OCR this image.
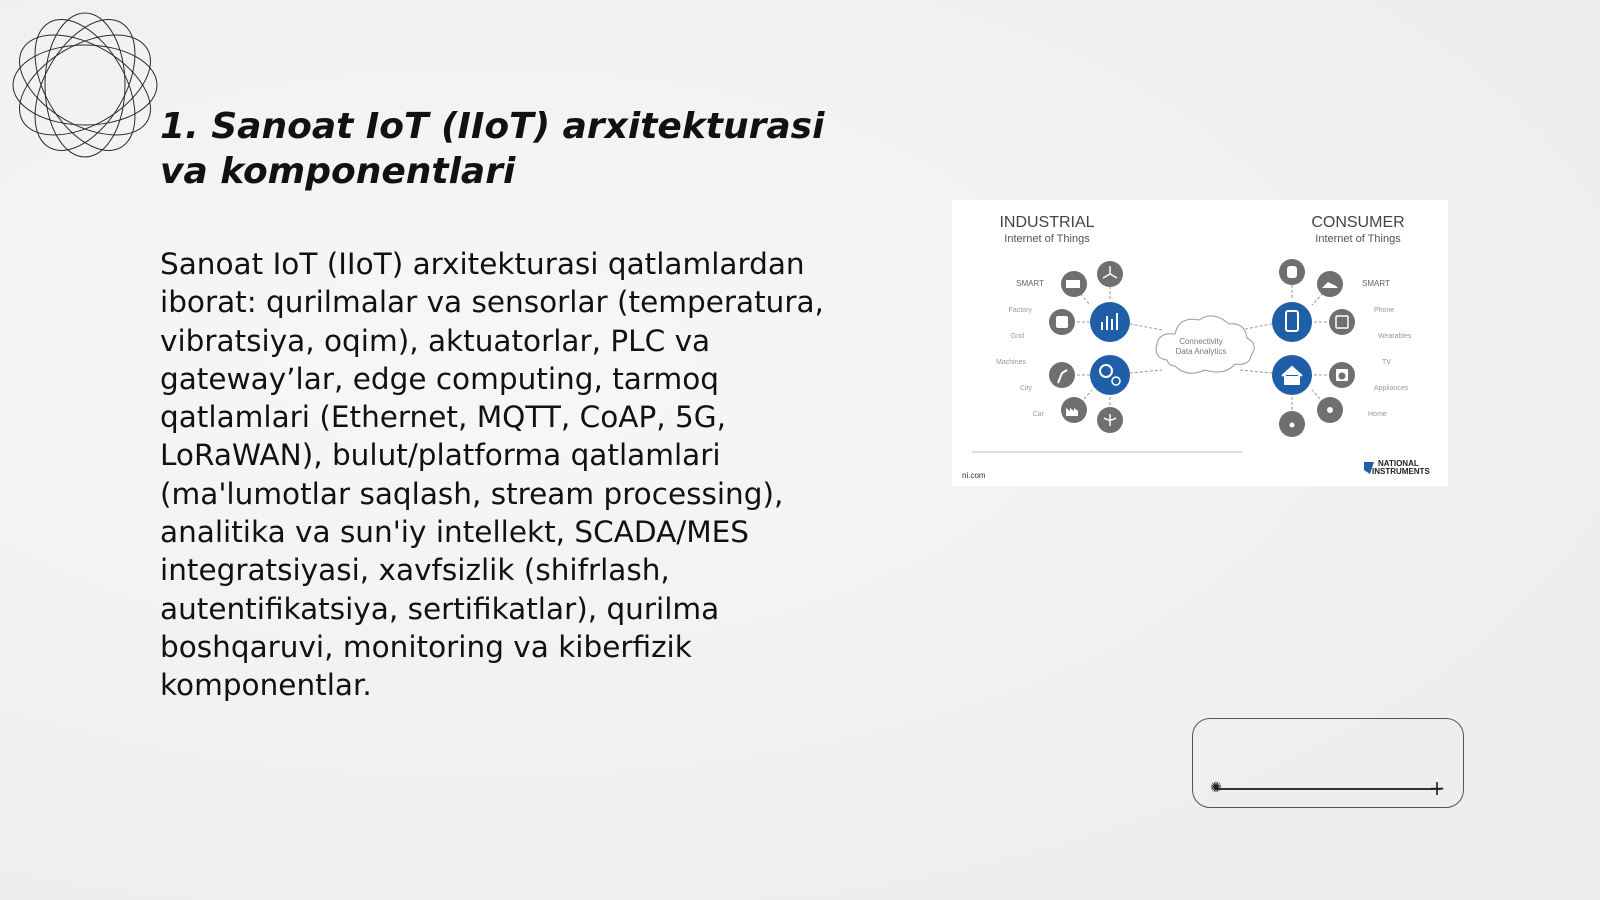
1. Sanoat IoT (IIoT) arxitekturasi va komponentlari

Sanoat IoT (IIoT) arxitekturasi qatlamlardan iborat: qurilmalar va sensorlar (temperatura, vibratsiya, oqim), aktuatorlar, PLC va gateway’lar, edge computing, tarmoq qatlamlari (Ethernet, MQTT, CoAP, 5G, LoRaWAN), bulut/platforma qatlamlari (ma'lumotlar saqlash, stream processing), analitika va sun'iy intellekt, SCADA/MES integratsiyasi, xavfsizlik (shifrlash, autentifikatsiya, sertifikatlar), qurilma boshqaruvi, monitoring va kiberfizik komponentlar.

INDUSTRIAL
Internet of Things
CONSUMER
Internet of Things
Connectivity
Data Analytics
SMART
Factory
Grid
Machines
City
Car
SMART
Phone
Wearables
TV
Appliances
Home
ni.com
NATIONAL
INSTRUMENTS
✺	+
